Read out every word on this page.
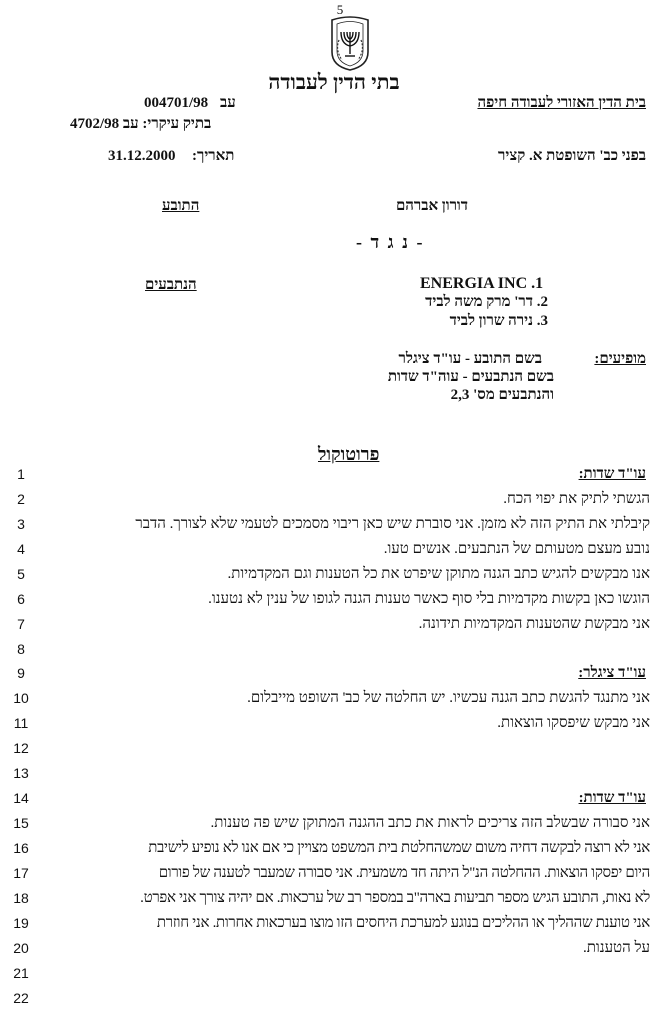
5
בתי הדין לעבודה
בית הדין האזורי לעבודה חיפה
בפני כב' השופטת א. קציר
004701/98 עב
בתיק עיקרי: עב 4702/98
31.12.2000 תאריך:
דורון אברהם
התובע
- נ ג ד -
ENERGIA INC .1
2. דר' מרק משה לביד
3. נירה שרון לביד
הנתבעים
מופיעים:
בשם התובע - עו"ד ציגלר
בשם הנתבעים - עוה"ד שדות
והנתבעים מס' 2,3
פרוטוקול
1
2
3
4
5
6
7
8
9
10
11
12
13
14
15
16
17
18
19
20
21
22
עו"ד שדות:
הגשתי לתיק את יפוי הכח.
קיבלתי את התיק הזה לא מזמן. אני סוברת שיש כאן ריבוי מסמכים לטעמי שלא לצורך. הדבר
נובע מעצם מטעותם של הנתבעים. אנשים טעו.
אנו מבקשים להגיש כתב הגנה מתוקן שיפרט את כל הטענות וגם המקדמיות.
הוגשו כאן בקשות מקדמיות בלי סוף כאשר טענות הגנה לגופו של ענין לא נטענו.
אני מבקשת שהטענות המקדמיות תידונה.
עו"ד ציגלר:
אני מתנגד להגשת כתב הגנה עכשיו. יש החלטה של כב' השופט מייבלום.
אני מבקש שיפסקו הוצאות.
עו"ד שדות:
אני סבורה שבשלב הזה צריכים לראות את כתב ההגנה המתוקן שיש פה טענות.
אני לא רוצה לבקשה דחיה משום שמשהחלטת בית המשפט מצויין כי אם אנו לא נופיע לישיבת
היום יפסקו הוצאות. ההחלטה הנ"ל היתה חד משמעית. אני סבורה שמעבר לטענה של פורום
לא נאות, התובע הגיש מספר תביעות בארה"ב במספר רב של ערכאות. אם יהיה צורך אני אפרט.
אני טוענת שההליך או ההליכים בנוגע למערכת היחסים הזו מוצו בערכאות אחרות. אני חוזרת
על הטענות.
